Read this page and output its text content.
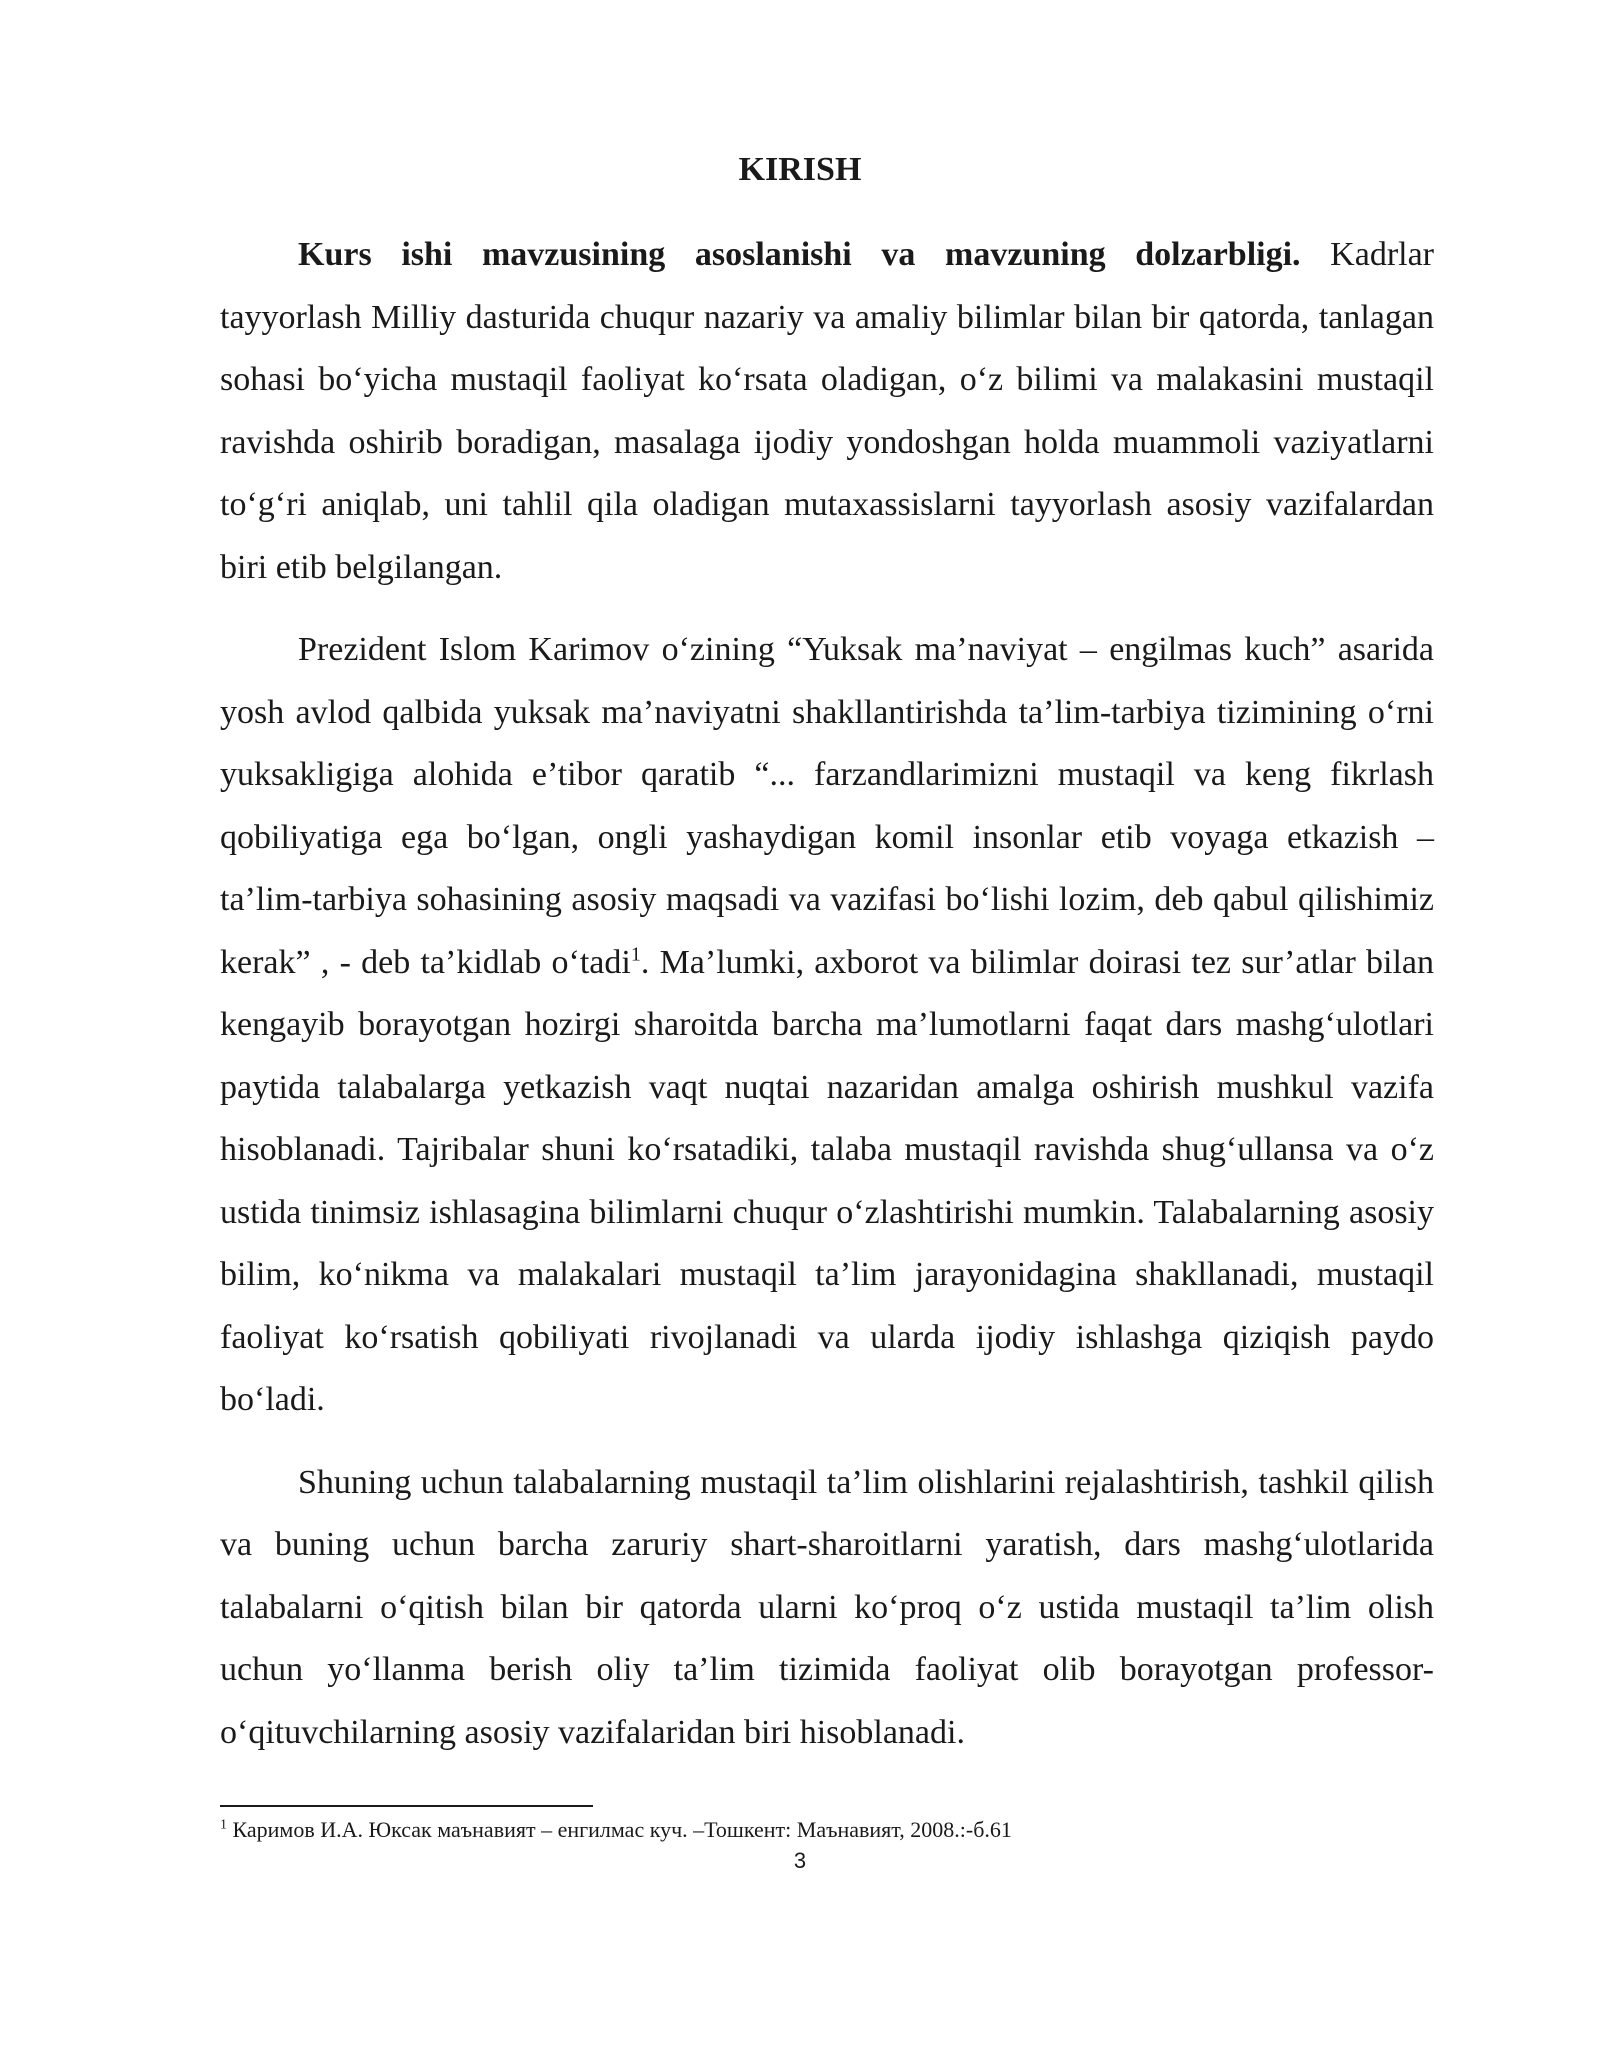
KIRISH

Kurs ishi mavzusining asoslanishi va mavzuning dolzarbligi. Kadrlar tayyorlash Milliy dasturida chuqur nazariy va amaliy bilimlar bilan bir qatorda, tanlagan sohasi bo‘yicha mustaqil faoliyat ko‘rsata oladigan, o‘z bilimi va malakasini mustaqil ravishda oshirib boradigan, masalaga ijodiy yondoshgan holda muammoli vaziyatlarni to‘g‘ri aniqlab, uni tahlil qila oladigan mutaxassislarni tayyorlash asosiy vazifalardan biri etib belgilangan.

Prezident Islom Karimov o‘zining “Yuksak ma’naviyat – engilmas kuch” asarida yosh avlod qalbida yuksak ma’naviyatni shakllantirishda ta’lim-tarbiya tizimining o‘rni yuksakligiga alohida e’tibor qaratib “... farzandlarimizni mustaqil va keng fikrlash qobiliyatiga ega bo‘lgan, ongli yashaydigan komil insonlar etib voyaga etkazish – ta’lim-tarbiya sohasining asosiy maqsadi va vazifasi bo‘lishi lozim, deb qabul qilishimiz kerak” , - deb ta’kidlab o‘tadi$^1$. Ma’lumki, axborot va bilimlar doirasi tez sur’atlar bilan kengayib borayotgan hozirgi sharoitda barcha ma’lumotlarni faqat dars mashg‘ulotlari paytida talabalarga yetkazish vaqt nuqtai nazaridan amalga oshirish mushkul vazifa hisoblanadi. Tajribalar shuni ko‘rsatadiki, talaba mustaqil ravishda shug‘ullansa va o‘z ustida tinimsiz ishlasagina bilimlarni chuqur o‘zlashtirishi mumkin. Talabalarning asosiy bilim, ko‘nikma va malakalari mustaqil ta’lim jarayonidagina shakllanadi, mustaqil faoliyat ko‘rsatish qobiliyati rivojlanadi va ularda ijodiy ishlashga qiziqish paydo bo‘ladi.

Shuning uchun talabalarning mustaqil ta’lim olishlarini rejalashtirish, tashkil qilish va buning uchun barcha zaruriy shart-sharoitlarni yaratish, dars mashg‘ulotlarida talabalarni o‘qitish bilan bir qatorda ularni ko‘proq o‘z ustida mustaqil ta’lim olish uchun yo‘llanma berish oliy ta’lim tizimida faoliyat olib borayotgan professor-o‘qituvchilarning asosiy vazifalaridan biri hisoblanadi.

$^1$ Каримов И.А. Юксак маънавият – енгилмас куч. –Тошкент: Маънавият, 2008.:-б.61

3
